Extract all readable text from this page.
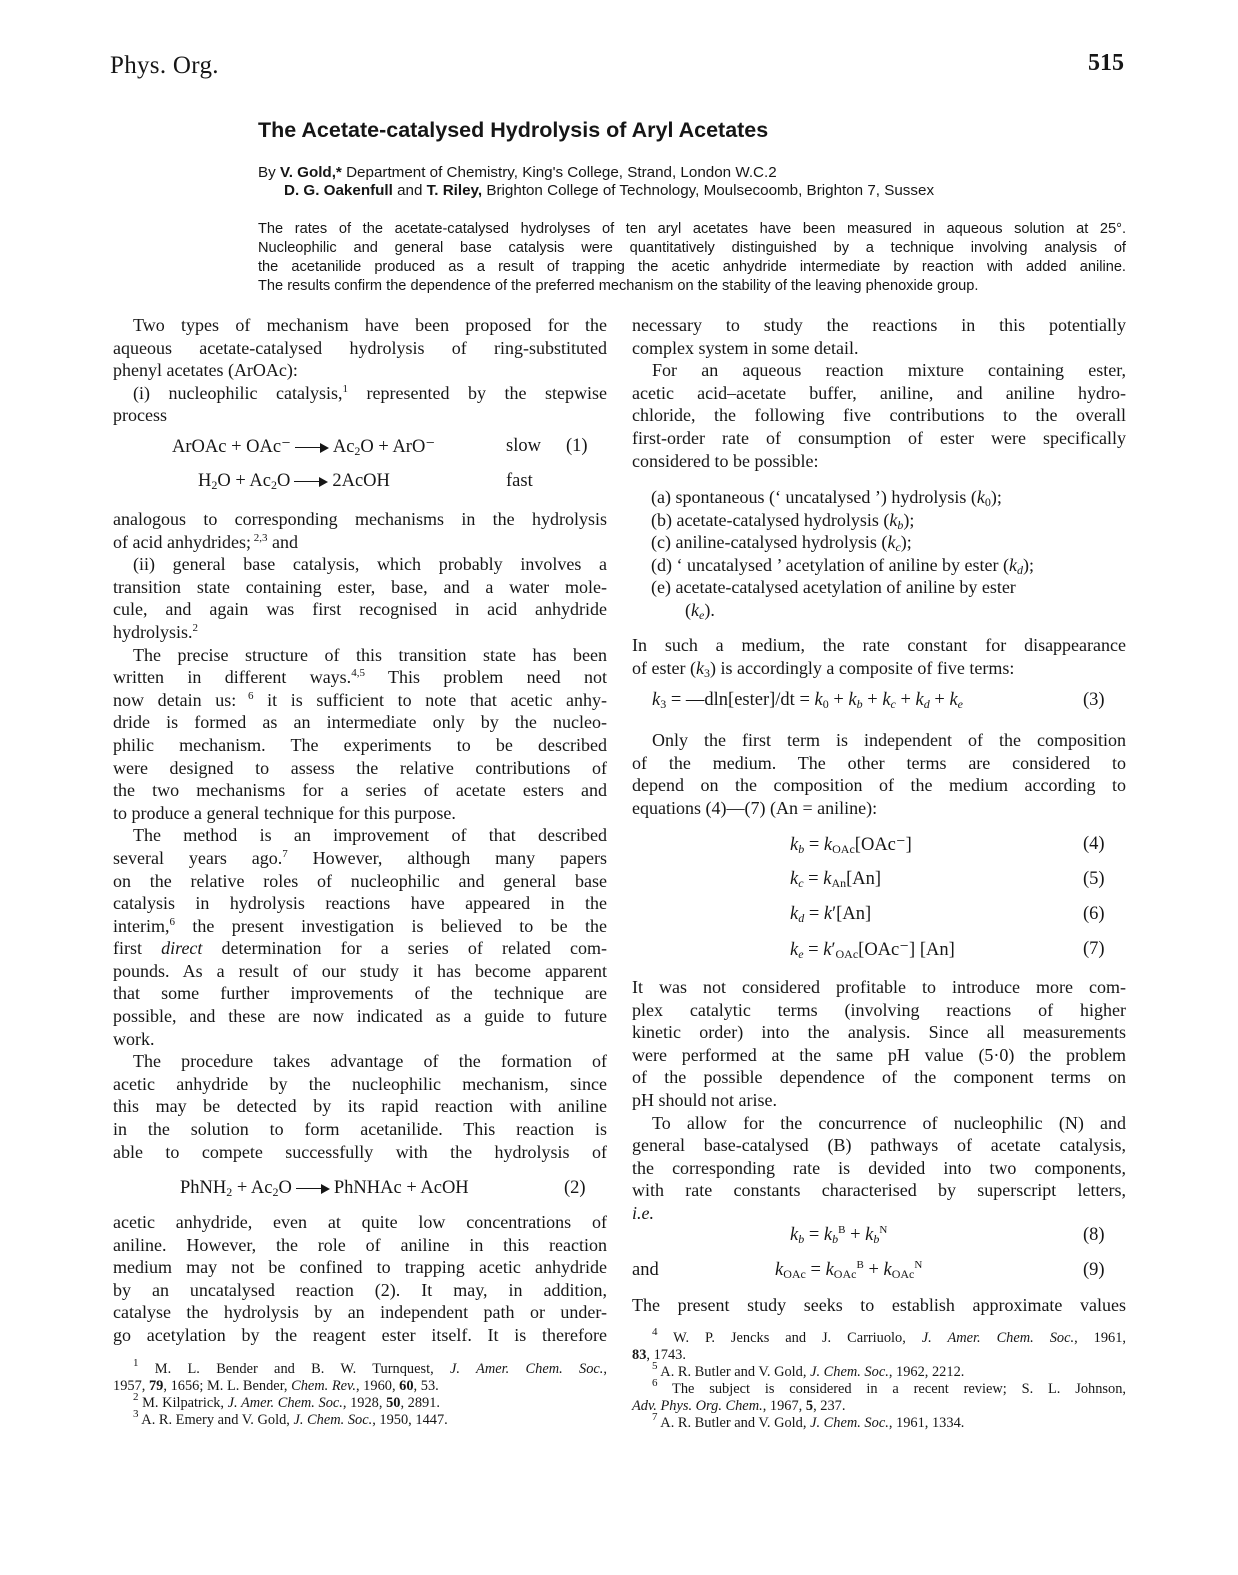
Phys. Org.	515
The Acetate-catalysed Hydrolysis of Aryl Acetates
By V. Gold,* Department of Chemistry, King's College, Strand, London W.C.2
D. G. Oakenfull and T. Riley, Brighton College of Technology, Moulsecoomb, Brighton 7, Sussex
The rates of the acetate-catalysed hydrolyses of ten aryl acetates have been measured in aqueous solution at 25°.
Nucleophilic and general base catalysis were quantitatively distinguished by a technique involving analysis of
the acetanilide produced as a result of trapping the acetic anhydride intermediate by reaction with added aniline.
The results confirm the dependence of the preferred mechanism on the stability of the leaving phenoxide group.
Two types of mechanism have been proposed for the
aqueous acetate-catalysed hydrolysis of ring-substituted
phenyl acetates (ArOAc):
(i) nucleophilic catalysis,$^1$ represented by the stepwise
process
ArOAc + OAc⁻ $Ac_2O + ArO^-$	slow (1)
$H_2O + Ac_2O$ 2AcOH	fast
analogous to corresponding mechanisms in the hydrolysis
of acid anhydrides; $^{2,3}$ and
(ii) general base catalysis, which probably involves a
transition state containing ester, base, and a water mole-
cule, and again was first recognised in acid anhydride
hydrolysis.$^2$
The precise structure of this transition state has been
written in different ways.$^{4,5}$ This problem need not
now detain us: $^6$ it is sufficient to note that acetic anhy-
dride is formed as an intermediate only by the nucleo-
philic mechanism. The experiments to be described
were designed to assess the relative contributions of
the two mechanisms for a series of acetate esters and
to produce a general technique for this purpose.
The method is an improvement of that described
several years ago.$^7$ However, although many papers
on the relative roles of nucleophilic and general base
catalysis in hydrolysis reactions have appeared in the
interim,$^6$ the present investigation is believed to be the
first direct determination for a series of related com-
pounds. As a result of our study it has become apparent
that some further improvements of the technique are
possible, and these are now indicated as a guide to future
work.
The procedure takes advantage of the formation of
acetic anhydride by the nucleophilic mechanism, since
this may be detected by its rapid reaction with aniline
in the solution to form acetanilide. This reaction is
able to compete successfully with the hydrolysis of
PhNH$_2$ + $Ac_2O$ PhNHAc + AcOH	(2)
acetic anhydride, even at quite low concentrations of
aniline. However, the role of aniline in this reaction
medium may not be confined to trapping acetic anhydride
by an uncatalysed reaction (2). It may, in addition,
catalyse the hydrolysis by an independent path or under-
go acetylation by the reagent ester itself. It is therefore
$^1$ M. L. Bender and B. W. Turnquest, J. Amer. Chem. Soc.,
1957, 79, 1656; M. L. Bender, Chem. Rev., 1960, 60, 53.
$^2$ M. Kilpatrick, J. Amer. Chem. Soc., 1928, 50, 2891.
$^3$ A. R. Emery and V. Gold, J. Chem. Soc., 1950, 1447.
necessary to study the reactions in this potentially
complex system in some detail.
For an aqueous reaction mixture containing ester,
acetic acid–acetate buffer, aniline, and aniline hydro-
chloride, the following five contributions to the overall
first-order rate of consumption of ester were specifically
considered to be possible:
(a) spontaneous (‘ uncatalysed ’) hydrolysis $(k_0)$;
(b) acetate-catalysed hydrolysis $(k_b)$;
(c) aniline-catalysed hydrolysis $(k_c)$;
(d) ‘ uncatalysed ’ acetylation of aniline by ester $(k_d)$;
(e) acetate-catalysed acetylation of aniline by ester
$(k_e)$.
In such a medium, the rate constant for disappearance
of ester $(k_3)$ is accordingly a composite of five terms:
$k_3$ = —dln[ester]/dt = $k_0 + k_b + k_c + k_d + k_e$	(3)
Only the first term is independent of the composition
of the medium. The other terms are considered to
depend on the composition of the medium according to
equations (4)—(7) (An = aniline):
$k_b = k_{OAc}[OAc^-]$	(4)
$k_c = k_{An}[An]$	(5)
$k_d = k'[An]$	(6)
$k_e = k'_{OAc}[OAc^-]$ [An]	(7)
It was not considered profitable to introduce more com-
plex catalytic terms (involving reactions of higher
kinetic order) into the analysis. Since all measurements
were performed at the same pH value (5·0) the problem
of the possible dependence of the component terms on
pH should not arise.
To allow for the concurrence of nucleophilic (N) and
general base-catalysed (B) pathways of acetate catalysis,
the corresponding rate is devided into two components,
with rate constants characterised by superscript letters,
i.e.
$k_b = k_b^B + k_b^N$	(8)
and	$k_{OAc} = k_{OAc}^B + k_{OAc}^N$	(9)
The present study seeks to establish approximate values
$^4$ W. P. Jencks and J. Carriuolo, J. Amer. Chem. Soc., 1961,
83, 1743.
$^5$ A. R. Butler and V. Gold, J. Chem. Soc., 1962, 2212.
$^6$ The subject is considered in a recent review; S. L. Johnson,
Adv. Phys. Org. Chem., 1967, 5, 237.
$^7$ A. R. Butler and V. Gold, J. Chem. Soc., 1961, 1334.
